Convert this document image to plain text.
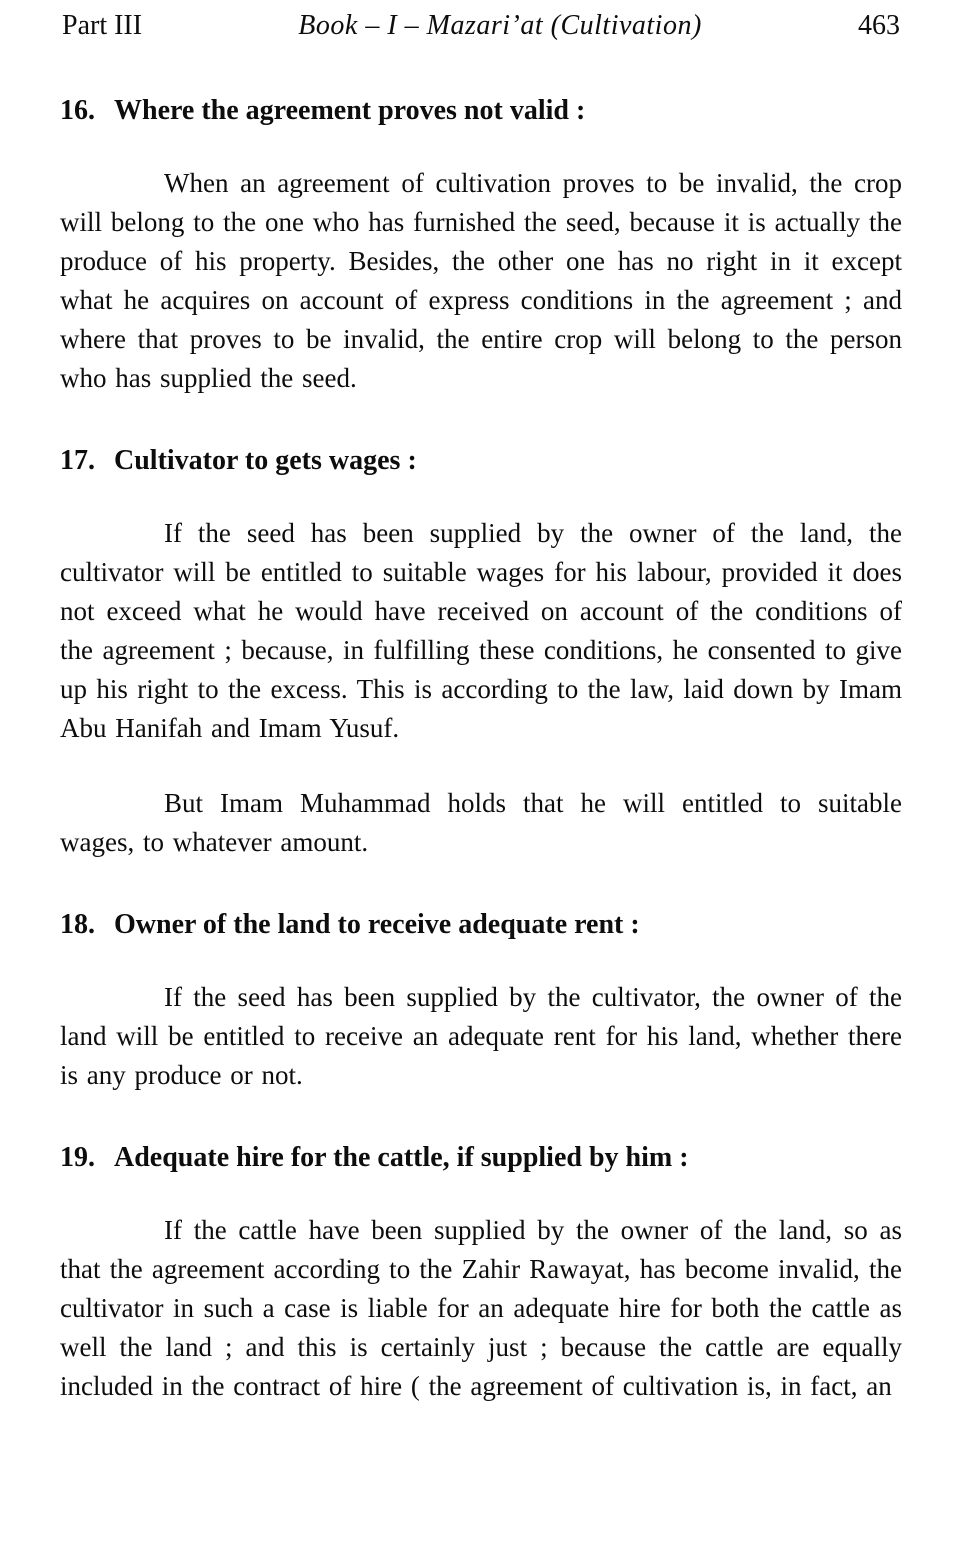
Part III	Book – I – Mazari’at (Cultivation)	463
16. Where the agreement proves not valid :

When an agreement of cultivation proves to be invalid, the crop will belong to the one who has furnished the seed, because it is actually the produce of his property. Besides, the other one has no right in it except what he acquires on account of express conditions in the agreement ; and where that proves to be invalid, the entire crop will belong to the person who has supplied the seed.

17. Cultivator to gets wages :

If the seed has been supplied by the owner of the land, the cultivator will be entitled to suitable wages for his labour, provided it does not exceed what he would have received on account of the conditions of the agreement ; because, in fulfilling these conditions, he consented to give up his right to the excess. This is according to the law, laid down by Imam Abu Hanifah and Imam Yusuf.

But Imam Muhammad holds that he will entitled to suitable wages, to whatever amount.

18. Owner of the land to receive adequate rent :

If the seed has been supplied by the cultivator, the owner of the land will be entitled to receive an adequate rent for his land, whether there is any produce or not.

19. Adequate hire for the cattle, if supplied by him :

If the cattle have been supplied by the owner of the land, so as that the agreement according to the Zahir Rawayat, has become invalid, the cultivator in such a case is liable for an adequate hire for both the cattle as well the land ; and this is certainly just ; because the cattle are equally included in the contract of hire ( the agreement of cultivation is, in fact, an
